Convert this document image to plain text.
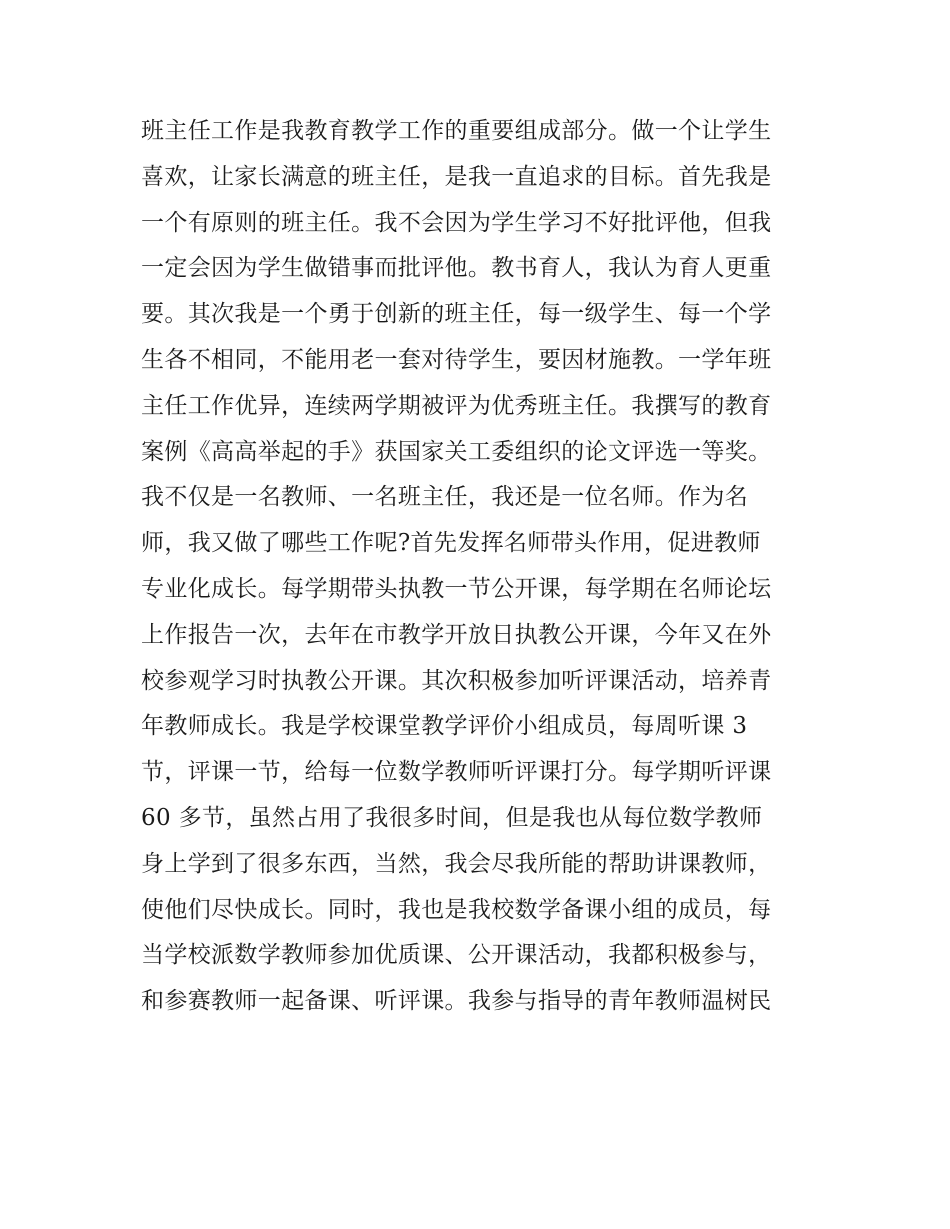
班主任工作是我教育教学工作的重要组成部分。做一个让学生
喜欢，让家长满意的班主任，是我一直追求的目标。首先我是
一个有原则的班主任。我不会因为学生学习不好批评他，但我
一定会因为学生做错事而批评他。教书育人，我认为育人更重
要。其次我是一个勇于创新的班主任，每一级学生、每一个学
生各不相同，不能用老一套对待学生，要因材施教。一学年班
主任工作优异，连续两学期被评为优秀班主任。我撰写的教育
案例《高高举起的手》获国家关工委组织的论文评选一等奖。
我不仅是一名教师、一名班主任，我还是一位名师。作为名
师，我又做了哪些工作呢?首先发挥名师带头作用，促进教师
专业化成长。每学期带头执教一节公开课，每学期在名师论坛
上作报告一次，去年在市教学开放日执教公开课，今年又在外
校参观学习时执教公开课。其次积极参加听评课活动，培养青
年教师成长。我是学校课堂教学评价小组成员，每周听课 3
节，评课一节，给每一位数学教师听评课打分。每学期听评课
60 多节，虽然占用了我很多时间，但是我也从每位数学教师
身上学到了很多东西，当然，我会尽我所能的帮助讲课教师，
使他们尽快成长。同时，我也是我校数学备课小组的成员，每
当学校派数学教师参加优质课、公开课活动，我都积极参与，
和参赛教师一起备课、听评课。我参与指导的青年教师温树民
